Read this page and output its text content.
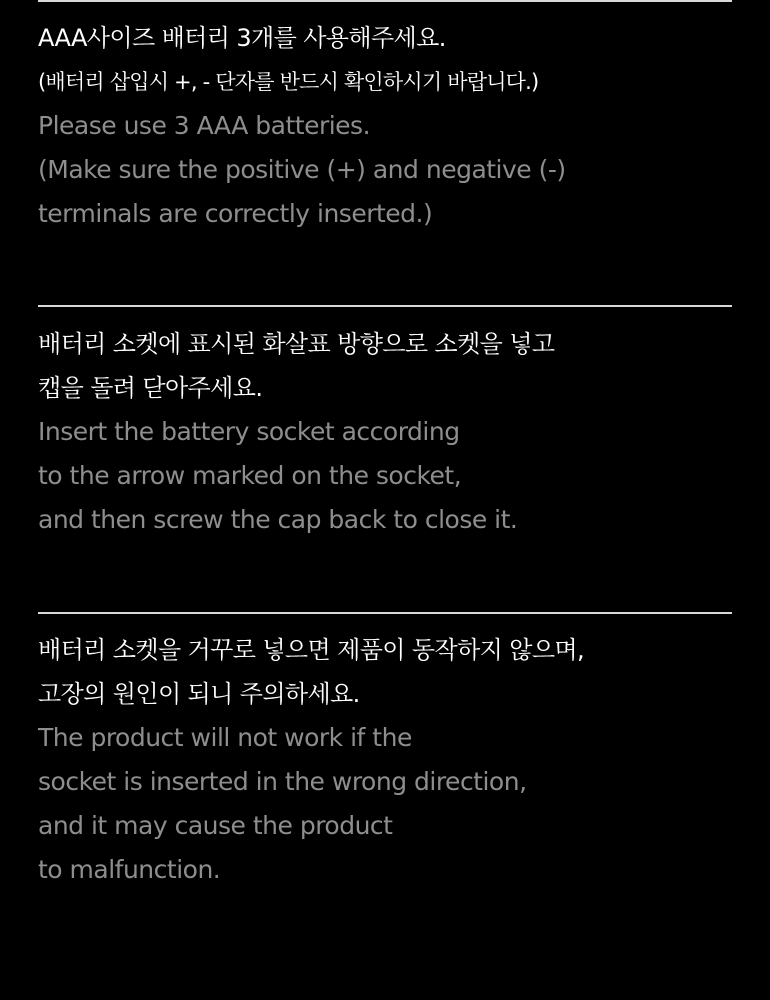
AAA사이즈 배터리 3개를 사용해주세요.

(배터리 삽입시 +, - 단자를 반드시 확인하시기 바랍니다.)

Please use 3 AAA batteries.

(Make sure the positive (+) and negative (-)

terminals are correctly inserted.)

배터리 소켓에 표시된 화살표 방향으로 소켓을 넣고

캡을 돌려 닫아주세요.

Insert the battery socket according

to the arrow marked on the socket,

and then screw the cap back to close it.

배터리 소켓을 거꾸로 넣으면 제품이 동작하지 않으며,

고장의 원인이 되니 주의하세요.

The product will not work if the

socket is inserted in the wrong direction,

and it may cause the product

to malfunction.
